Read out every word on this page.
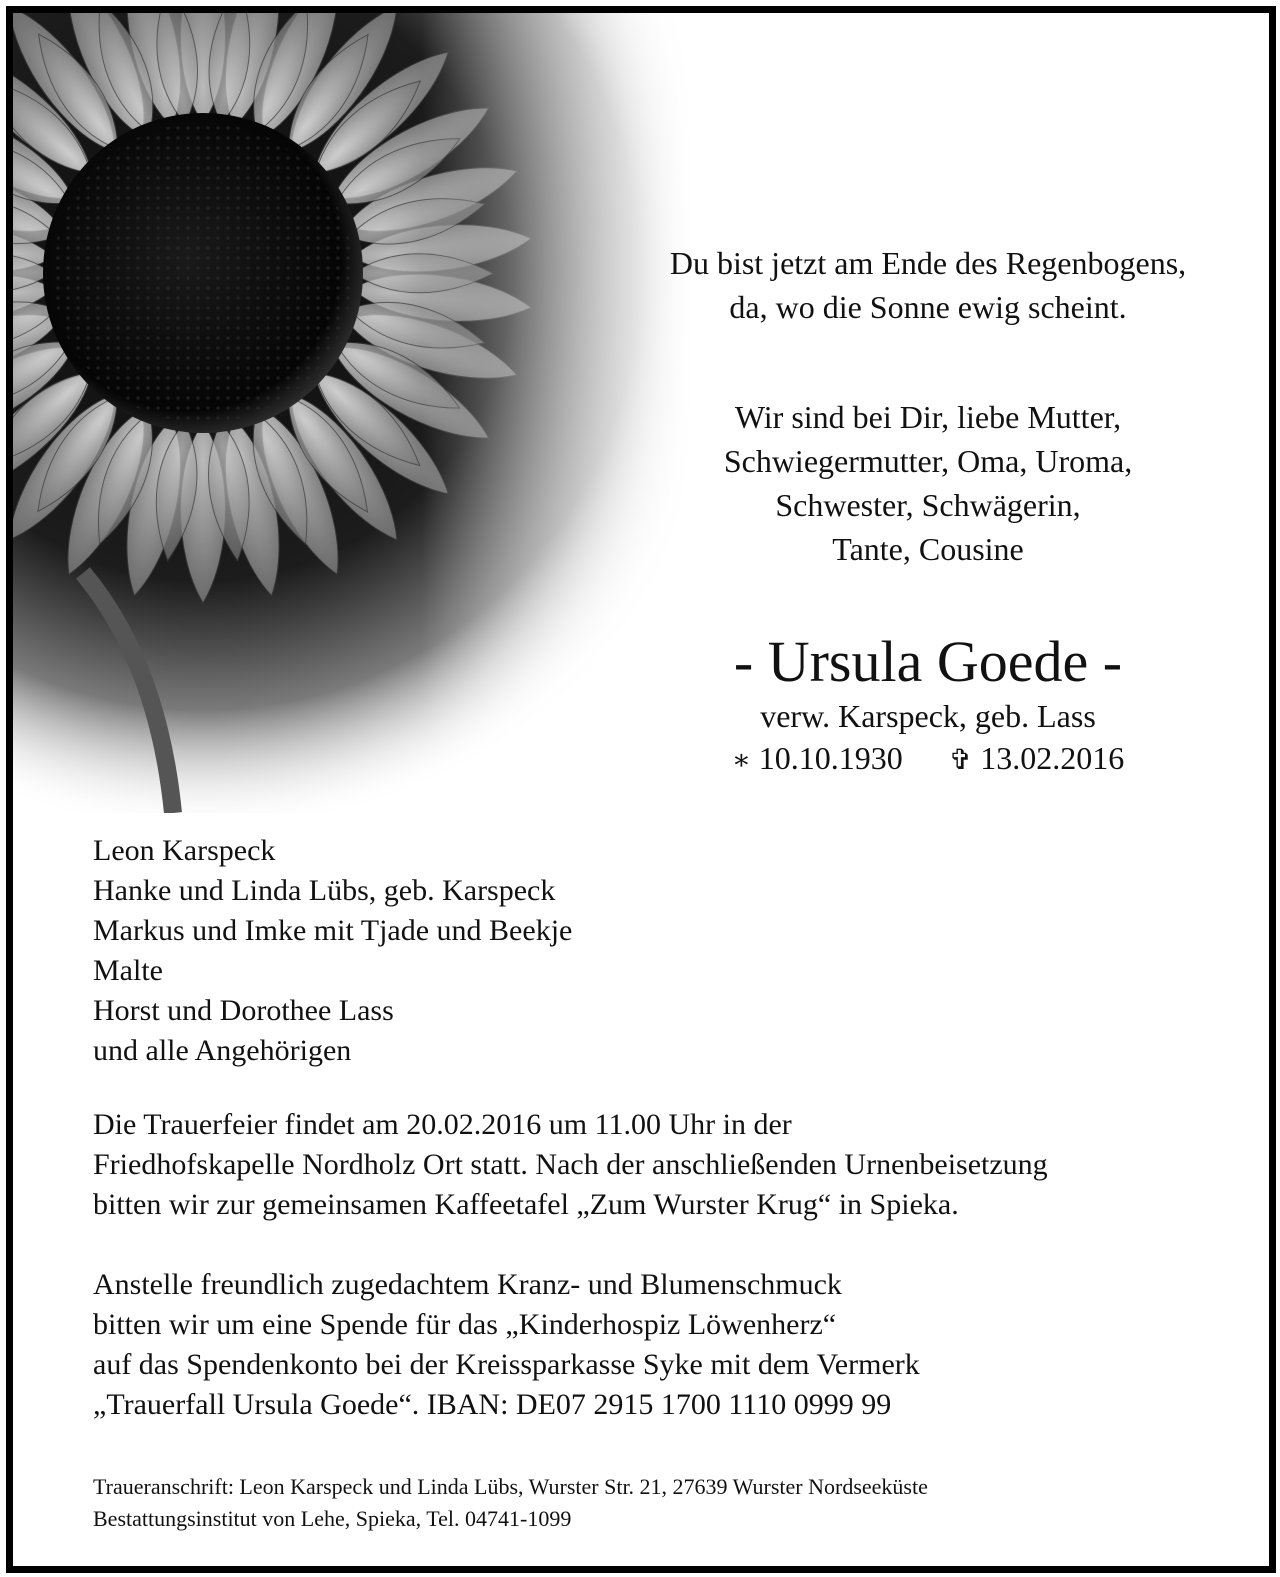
Du bist jetzt am Ende des Regenbogens,
da, wo die Sonne ewig scheint.

Wir sind bei Dir, liebe Mutter,
Schwiegermutter, Oma, Uroma,
Schwester, Schwägerin,
Tante, Cousine

- Ursula Goede -

verw. Karspeck, geb. Lass

∗ 10.10.1930 ✞ 13.02.2016

Leon Karspeck
Hanke und Linda Lübs, geb. Karspeck
Markus und Imke mit Tjade und Beekje
Malte
Horst und Dorothee Lass
und alle Angehörigen

Die Trauerfeier findet am 20.02.2016 um 11.00 Uhr in der
Friedhofskapelle Nordholz Ort statt. Nach der anschließenden Urnenbeisetzung
bitten wir zur gemeinsamen Kaffeetafel „Zum Wurster Krug“ in Spieka.

Anstelle freundlich zugedachtem Kranz- und Blumenschmuck
bitten wir um eine Spende für das „Kinderhospiz Löwenherz“
auf das Spendenkonto bei der Kreissparkasse Syke mit dem Vermerk
„Trauerfall Ursula Goede“. IBAN: DE07 2915 1700 1110 0999 99

Traueranschrift: Leon Karspeck und Linda Lübs, Wurster Str. 21, 27639 Wurster Nordseeküste

Bestattungsinstitut von Lehe, Spieka, Tel. 04741-1099
